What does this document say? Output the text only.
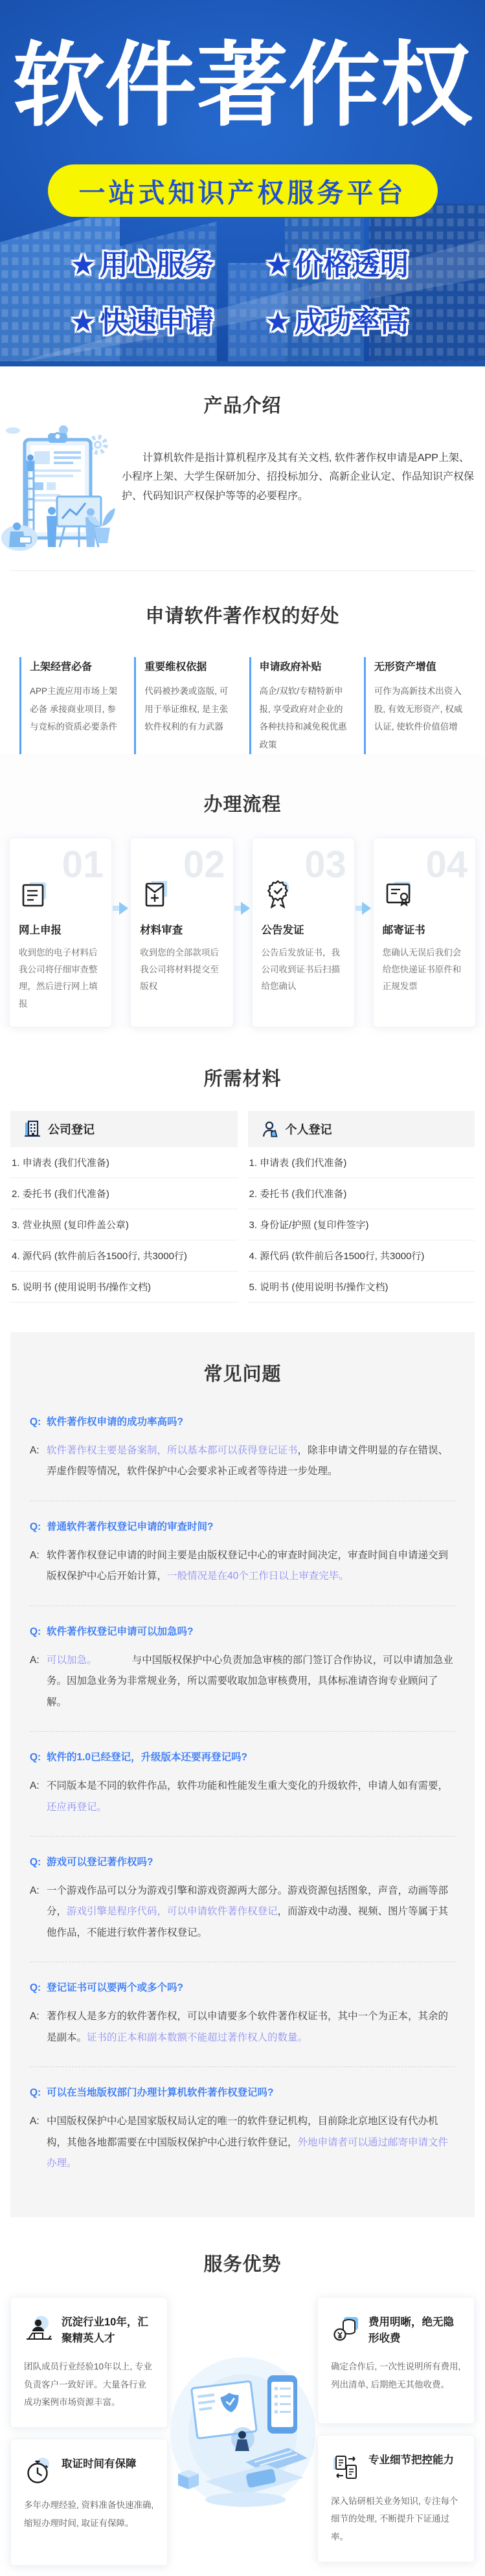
软件著作权
一站式知识产权服务平台
★ 用心服务 ★ 价格透明
★ 快速申请 ★ 成功率高
产品介绍

计算机软件是指计算机程序及其有关文档, 软件著作权申请是APP上架、小程序上架、大学生保研加分、招投标加分、高新企业认定、作品知识产权保护、代码知识产权保护等等的必要程序。

申请软件著作权的好处
上架经营必备

APP主流应用市场上架必备 承接商业项目, 参与竞标的资质必要条件

重要维权依据

代码被抄袭或盗版, 可用于举证维权, 是主张软件权利的有力武器

申请政府补贴

高企/双软/专精特新申报, 享受政府对企业的各种扶持和减免税优惠政策

无形资产增值

可作为高新技术出资入股, 有效无形资产, 权威认证, 使软件价值倍增

办理流程
01
网上申报

收到您的电子材料后我公司将仔细审查整理，然后进行网上填报

02
材料审查

收到您的全部款项后我公司将材料提交至版权

03
公告发证

公告后发放证书，我公司收到证书后扫描给您确认

04
邮寄证书

您确认无误后我们会给您快递证书原件和正规发票

所需材料
公司登记
1. 申请表 (我们代准备)
2. 委托书 (我们代准备)
3. 营业执照 (复印件盖公章)
4. 源代码 (软件前后各1500行, 共3000行)
5. 说明书 (使用说明书/操作文档)
个人登记
1. 申请表 (我们代准备)
2. 委托书 (我们代准备)
3. 身份证/护照 (复印件签字)
4. 源代码 (软件前后各1500行, 共3000行)
5. 说明书 (使用说明书/操作文档)
常见问题
Q: 软件著作权申请的成功率高吗?
A: 软件著作权主要是备案制，所以基本都可以获得登记证书，除非申请文件明显的存在错误、弄虚作假等情况，软件保护中心会要求补正或者等待进一步处理。
Q: 普通软件著作权登记申请的审查时间?
A: 软件著作权登记申请的时间主要是由版权登记中心的审查时间决定，审查时间自申请递交到版权保护中心后开始计算，一般情况是在40个工作日以上审查完毕。
Q: 软件著作权登记申请可以加急吗?
A: 可以加急。　　　　与中国版权保护中心负责加急审核的部门签订合作协议，可以申请加急业务。因加急业务为非常规业务，所以需要收取加急审核费用，具体标准请咨询专业顾问了解。
Q: 软件的1.0已经登记，升级版本还要再登记吗?
A: 不同版本是不同的软件作品，软件功能和性能发生重大变化的升级软件，申请人如有需要，还应再登记。
Q: 游戏可以登记著作权吗?
A: 一个游戏作品可以分为游戏引擎和游戏资源两大部分。游戏资源包括图象，声音，动画等部分，游戏引擎是程序代码，可以申请软件著作权登记，而游戏中动漫、视频、图片等属于其他作品，不能进行软件著作权登记。
Q: 登记证书可以要两个或多个吗?
A: 著作权人是多方的软件著作权，可以申请要多个软件著作权证书，其中一个为正本，其余的是副本。证书的正本和副本数额不能超过著作权人的数量。
Q: 可以在当地版权部门办理计算机软件著作权登记吗?
A: 中国版权保护中心是国家版权局认定的唯一的软件登记机构，目前除北京地区设有代办机构，其他各地都需要在中国版权保护中心进行软件登记，外地申请者可以通过邮寄申请文件办理。
服务优势
沉淀行业10年，汇聚精英人才

团队成员行业经验10年以上, 专业负责客户一致好评。大量各行业成功案例市场资源丰富。

取证时间有保障

多年办理经验, 资料准备快速准确, 缩短办理时间, 取证有保障。

费用明晰，绝无隐形收费

确定合作后, 一次性说明所有费用, 列出清单, 后期绝无其他收费。

专业细节把控能力

深入钻研相关业务知识, 专注每个细节的处理, 不断提升下证通过率。
